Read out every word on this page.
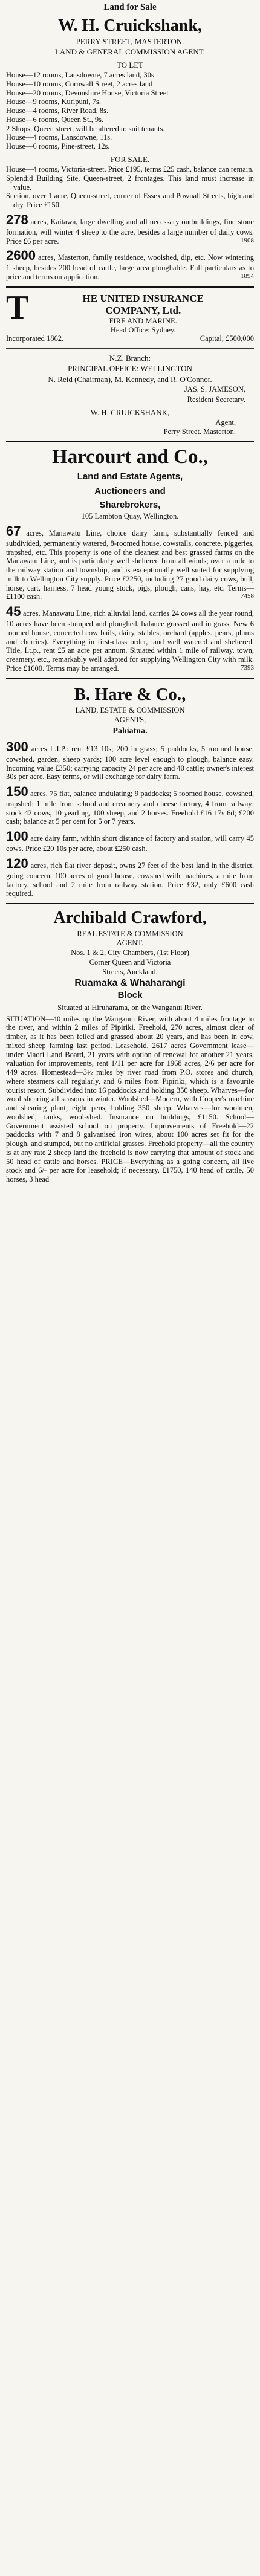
Land for Sale
W. H. Cruickshank,
PERRY STREET, MASTERTON.
LAND & GENERAL COMMISSION AGENT.
TO LET

House—12 rooms, Lansdowne, 7 acres land, 30s

House—10 rooms, Cornwall Street, 2 acres land

House—20 rooms, Devonshire House, Victoria Street

House—9 rooms, Kuripuni, 7s.

House—4 rooms, River Road, 8s.

House—6 rooms, Queen St., 9s.

2 Shops, Queen street, will be altered to suit tenants.

House—4 rooms, Lansdowne, 11s.

House—6 rooms, Pine-street, 12s.

FOR SALE.

House—4 rooms, Victoria-street, Price £195, terms £25 cash, balance can remain.

Splendid Building Site, Queen-street, 2 frontages. This land must increase in value.

Section, over 1 acre, Queen-street, corner of Essex and Pownall Streets, high and dry. Price £150.

278 acres, Kaitawa, large dwelling and all necessary outbuildings, fine stone formation, will winter 4 sheep to the acre, besides a large number of dairy cows. Price £6 per acre.	1908

2600 acres, Masterton, family residence, woolshed, dip, etc. Now wintering 1 sheep, besides 200 head of cattle, large area ploughable. Full particulars as to price and terms on application.	1894

T	HE UNITED INSURANCE
COMPANY, Ltd.
FIRE AND MARINE.
Head Office: Sydney.
Incorporated 1862.	Capital, £500,000
N.Z. Branch:
PRINCIPAL OFFICE: WELLINGTON
N. Reid (Chairman), M. Kennedy, and R. O'Connor.
JAS. S. JAMESON,
Resident Secretary.
W. H. CRUICKSHANK,
Agent,
Perry Street. Masterton.
Harcourt and Co.,
Land and Estate Agents,
Auctioneers and
Sharebrokers,
105 Lambton Quay, Wellington.

67 acres, Manawatu Line, choice dairy farm, substantially fenced and subdivided, permanently watered, 8-roomed house, cowstalls, concrete, piggeries, trapshed, etc. This property is one of the cleanest and best grassed farms on the Manawatu Line, and is particularly well sheltered from all winds; over a mile to the railway station and township, and is exceptionally well suited for supplying milk to Wellington City supply. Price £2250, including 27 good dairy cows, bull, horse, cart, harness, 7 head young stock, pigs, plough, cans, hay, etc. Terms—£1100 cash.	7458

45 acres, Manawatu Line, rich alluvial land, carries 24 cows all the year round, 10 acres have been stumped and ploughed, balance grassed and in grass. New 6 roomed house, concreted cow bails, dairy, stables, orchard (apples, pears, plums and cherries). Everything in first-class order, land well watered and sheltered. Title, Lt.p., rent £5 an acre per annum. Situated within 1 mile of railway, town, creamery, etc., remarkably well adapted for supplying Wellington City with milk. Price £1600. Terms may be arranged.	7393

B. Hare & Co.,
LAND, ESTATE & COMMISSION
AGENTS,
Pahiatua.

300 acres L.I.P.: rent £13 10s; 200 in grass; 5 paddocks, 5 roomed house, cowshed, garden, sheep yards; 100 acre level enough to plough, balance easy. Incoming value £350; carrying capacity 24 per acre and 40 cattle; owner's interest 30s per acre. Easy terms, or will exchange for dairy farm.

150 acres, 75 flat, balance undulating; 9 paddocks; 5 roomed house, cowshed, trapshed; 1 mile from school and creamery and cheese factory, 4 from railway; stock 42 cows, 10 yearling, 100 sheep, and 2 horses. Freehold £16 17s 6d; £200 cash; balance at 5 per cent for 5 or 7 years.

100 acre dairy farm, within short distance of factory and station, will carry 45 cows. Price £20 10s per acre, about £250 cash.

120 acres, rich flat river deposit, owns 27 feet of the best land in the district, going concern, 100 acres of good house, cowshed with machines, a mile from factory, school and 2 mile from railway station. Price £32, only £600 cash required.

Archibald Crawford,
REAL ESTATE & COMMISSION
AGENT.
Nos. 1 & 2, City Chambers, (1st Floor)
Corner Queen and Victoria
Streets, Auckland.
Ruamaka & Whaharangi
Block
Situated at Hiruharama, on the Wanganui River.

SITUATION—40 miles up the Wanganui River, with about 4 miles frontage to the river, and within 2 miles of Pipiriki. Freehold, 270 acres, almost clear of timber, as it has been felled and grassed about 20 years, and has been in cow, mixed sheep farming last period. Leasehold, 2617 acres Government lease—under Maori Land Board, 21 years with option of renewal for another 21 years, valuation for improvements, rent 1/11 per acre for 1968 acres, 2/6 per acre for 449 acres. Homestead—3½ miles by river road from P.O. stores and church, where steamers call regularly, and 6 miles from Pipiriki, which is a favourite tourist resort. Subdivided into 16 paddocks and holding 350 sheep. Wharves—for wool shearing all seasons in winter. Woolshed—Modern, with Cooper's machine and shearing plant; eight pens, holding 350 sheep. Wharves—for woolmen, woolshed, tanks, wool-shed. Insurance on buildings, £1150. School—Government assisted school on property. Improvements of Freehold—22 paddocks with 7 and 8 galvanised iron wires, about 100 acres set fit for the plough, and stumped, but no artificial grasses. Freehold property—all the country is at any rate 2 sheep land the freehold is now carrying that amount of stock and 50 head of cattle and horses. PRICE—Everything as a going concern, all live stock and 6/- per acre for leasehold; if necessary, £1750, 140 head of cattle, 50 horses, 3 head
